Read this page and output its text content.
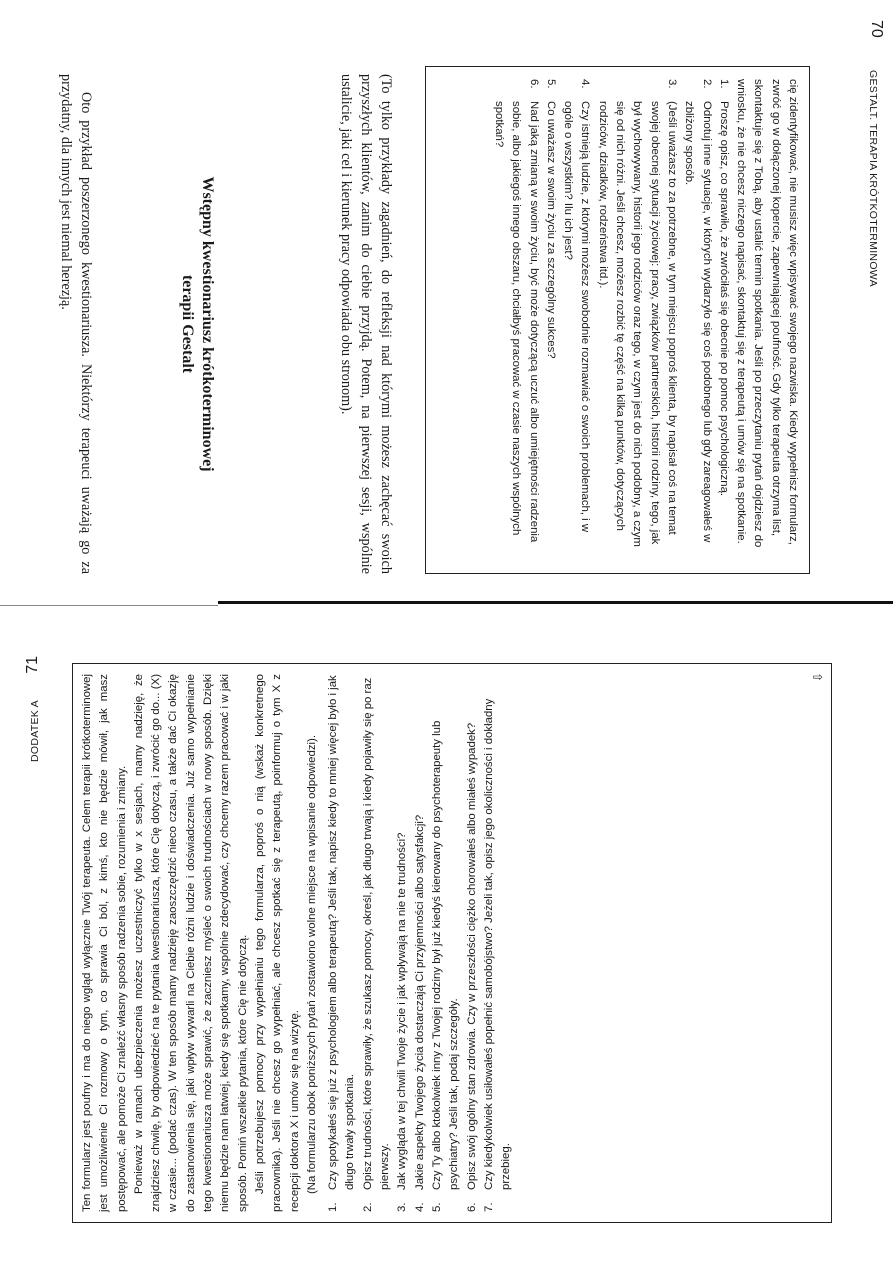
70
GESTALT. TERAPIA KRÓTKOTERMINOWA

cię zidentyfikować, nie musisz więc wpisywać swojego nazwiska. Kiedy wypełnisz formularz, zwróć go w dołączonej kopercie, zapewniającej poufność. Gdy tylko terapeuta otrzyma list, skontaktuje się z Tobą, aby ustalić termin spotkania. Jeśli po przeczytaniu pytań dojdziesz do wniosku, że nie chcesz niczego napisać, skontaktuj się z terapeutą i umów się na spotkanie.

1.
Proszę opisz, co sprawiło, że zwróciłaś się obecnie po pomoc psychologiczną.
2.
Odnotuj inne sytuacje, w których wydarzyło się coś podobnego lub gdy zareagowałeś w zbliżony sposób.
3.
(Jeśli uważasz to za potrzebne, w tym miejscu poproś klienta, by napisał coś na temat swojej obecnej sytuacji życiowej: pracy, związków partnerskich, historii rodziny, tego, jak był wychowywany, historii jego rodziców oraz tego, w czym jest do nich podobny, a czym się od nich różni. Jeśli chcesz, możesz rozbić tę część na kilka punktów, dotyczących rodziców, dziadków, rodzeństwa itd.).
4.
Czy istnieją ludzie, z którymi możesz swobodnie rozmawiać o swoich problemach, i w ogóle o wszystkim? Ilu ich jest?
5.
Co uważasz w swoim życiu za szczególny sukces?
6.
Nad jaką zmianą w swoim życiu, być może dotyczącą uczuć albo umiejętności radzenia sobie, albo jakiegoś innego obszaru, chciałbyś pracować w czasie naszych wspólnych spotkań?
(To tylko przykłady zagadnień, do refleksji nad którymi możesz zachęcać swoich przyszłych klientów, zanim do ciebie przyjdą. Potem, na pierwszej sesji, wspólnie ustalicie, jaki cel i kierunek pracy odpowiada obu stronom).
Wstępny kwestionariusz krótkoterminowej
terapii Gestalt
Oto przykład poszerzonego kwestionariusza. Niektórzy terapeuci uważają go za przydatny, dla innych jest niemal herezją.
71
DODATEK A	Ten formularz jest poufny i ma do niego wgląd wyłącznie Twój terapeuta. Celem terapii krótkoterminowej jest umożliwienie Ci rozmowy o tym, co sprawia Ci ból, z kimś, kto nie będzie mówił, jak masz postępować, ale pomoże Ci znaleźć własny sposób radzenia sobie, rozumienia i zmiany. Ponieważ w ramach ubezpieczenia możesz uczestniczyć tylko w x sesjach, mamy nadzieję, że znajdziesz chwilę, by odpowiedzieć na te pytania kwestionariusza, które Cię dotyczą, i zwrócić go do... (X) w czasie... (podać czas). W ten sposób mamy nadzieję zaoszczędzić nieco czasu, a także dać Ci okazję do zastanowienia się, jaki wpływ wywarli na Ciebie różni ludzie i doświadczenia. Już samo wypełnianie tego kwestionariusza może sprawić, że zaczniesz myśleć o swoich trudnościach w nowy sposób. Dzięki niemu będzie nam łatwiej, kiedy się spotkamy, wspólnie zdecydować, czy chcemy razem pracować i w jaki sposób. Pomiń wszelkie pytania, które Cię nie dotyczą. Jeśli potrzebujesz pomocy przy wypełnianiu tego formularza, poproś o nią (wskaż konkretnego pracownika). Jeśli nie chcesz go wypełniać, ale chcesz spotkać się z terapeutą, poinformuj o tym X z recepcji doktora X i umów się na wizytę. (Na formularzu obok poniższych pytań zostawiono wolne miejsce na wpisanie odpowiedzi).

1.
Czy spotykałeś się już z psychologiem albo terapeutą? Jeśli tak, napisz kiedy to mniej więcej było i jak długo trwały spotkania.
2.
Opisz trudności, które sprawiły, że szukasz pomocy, określ, jak długo trwają i kiedy pojawiły się po raz pierwszy.
3.
Jak wygląda w tej chwili Twoje życie i jak wpływają na nie te trudności?
4.
Jakie aspekty Twojego życia dostarczają Ci przyjemności albo satysfakcji?
5.
Czy Ty albo ktokolwiek inny z Twojej rodziny był już kiedyś kierowany do psychoterapeuty lub psychiatry? Jeśli tak, podaj szczegóły.
6.
Opisz swój ogólny stan zdrowia. Czy w przeszłości ciężko chorowałeś albo miałeś wypadek?
7.
Czy kiedykolwiek usiłowałeś popełnić samobójstwo? Jeżeli tak, opisz jego okoliczności i dokładny przebieg.
⇩
